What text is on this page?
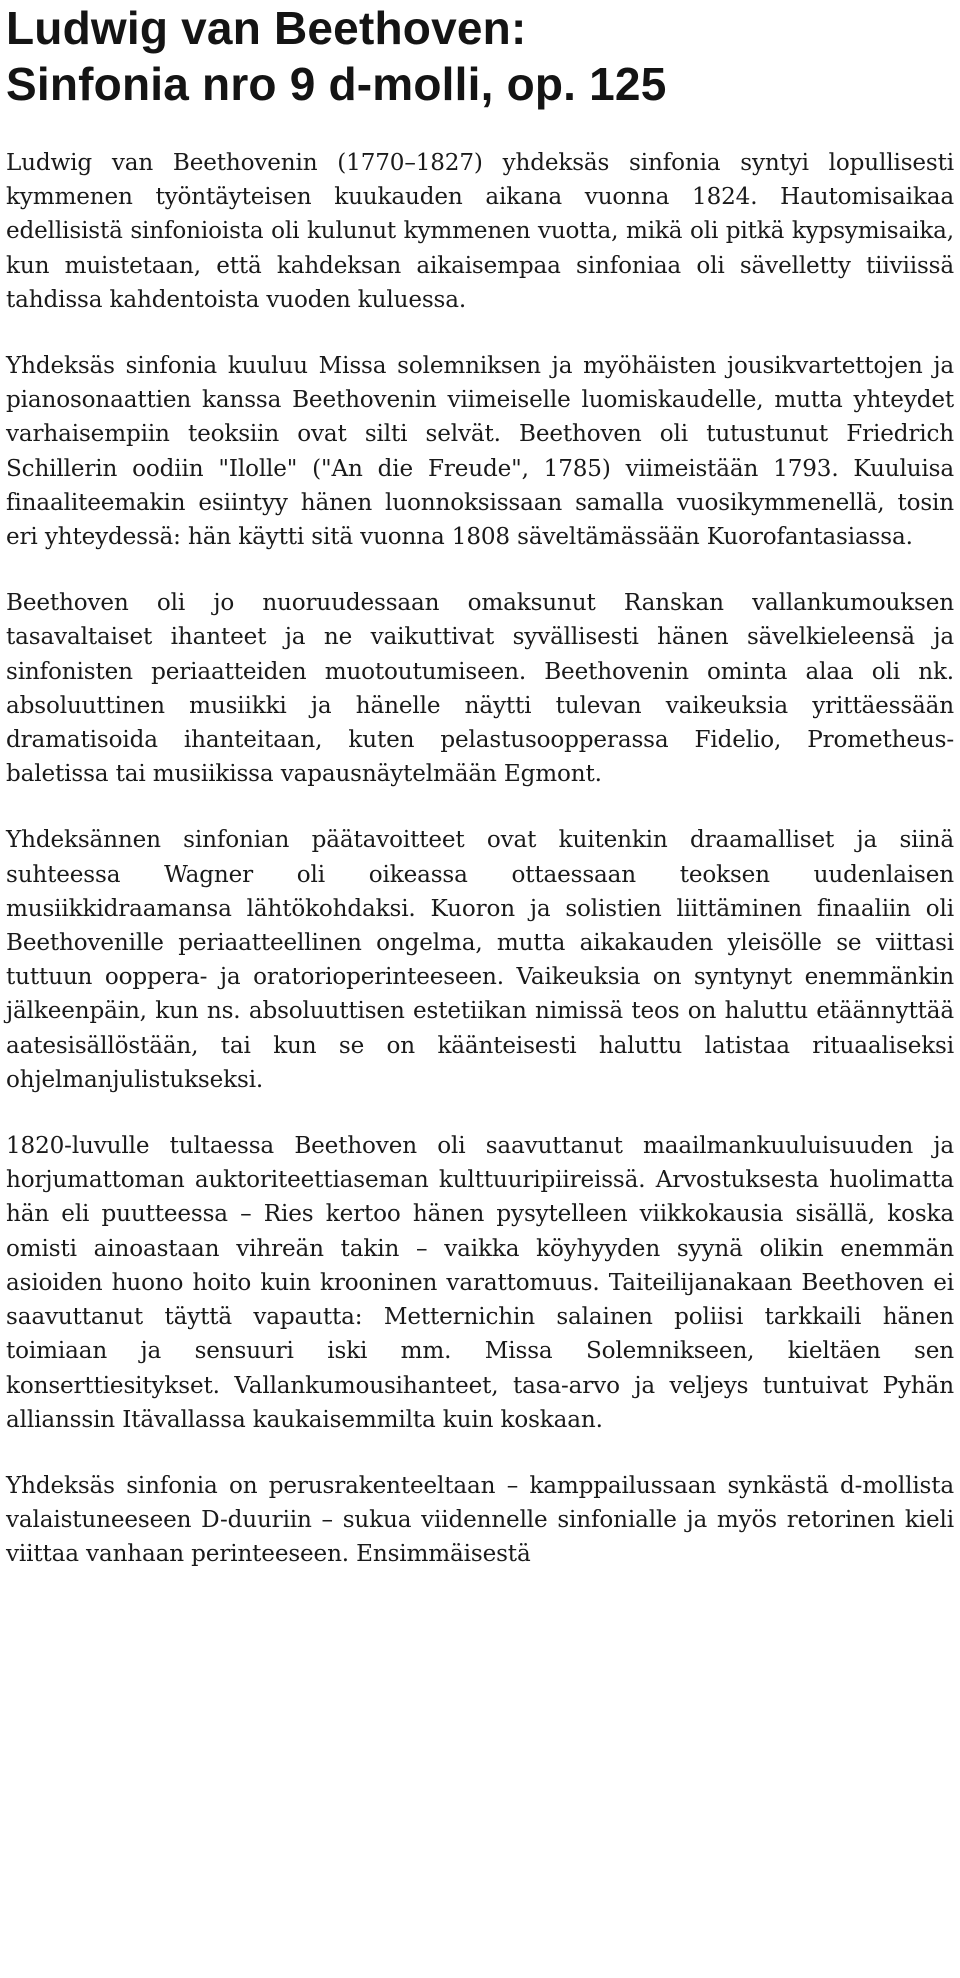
Ludwig van Beethoven:
Sinfonia nro 9 d-molli, op. 125

Ludwig van Beethovenin (1770–1827) yhdeksäs sinfonia syntyi lopullisesti kymmenen työntäyteisen kuukauden aikana vuonna 1824. Hautomisaikaa edellisistä sinfonioista oli kulunut kymmenen vuotta, mikä oli pitkä kypsymisaika, kun muistetaan, että kahdeksan aikaisempaa sinfoniaa oli sävelletty tiiviissä tahdissa kahdentoista vuoden kuluessa.

Yhdeksäs sinfonia kuuluu Missa solemniksen ja myöhäisten jousikvartettojen ja pianosonaattien kanssa Beethovenin viimeiselle luomiskaudelle, mutta yhteydet varhaisempiin teoksiin ovat silti selvät. Beethoven oli tutustunut Friedrich Schillerin oodiin "Ilolle" ("An die Freude", 1785) viimeistään 1793. Kuuluisa finaaliteemakin esiintyy hänen luonnoksissaan samalla vuosikymmenellä, tosin eri yhteydessä: hän käytti sitä vuonna 1808 säveltämässään Kuorofantasiassa.

Beethoven oli jo nuoruudessaan omaksunut Ranskan vallankumouksen tasavaltaiset ihanteet ja ne vaikuttivat syvällisesti hänen sävelkieleensä ja sinfonisten periaatteiden muotoutumiseen. Beethovenin ominta alaa oli nk. absoluuttinen musiikki ja hänelle näytti tulevan vaikeuksia yrittäessään dramatisoida ihanteitaan, kuten pelastusoopperassa Fidelio, Prometheus-baletissa tai musiikissa vapausnäytelmään Egmont.

Yhdeksännen sinfonian päätavoitteet ovat kuitenkin draamalliset ja siinä suhteessa Wagner oli oikeassa ottaessaan teoksen uudenlaisen musiikkidraamansa lähtökohdaksi. Kuoron ja solistien liittäminen finaaliin oli Beethovenille periaatteellinen ongelma, mutta aikakauden yleisölle se viittasi tuttuun ooppera- ja oratorioperinteeseen. Vaikeuksia on syntynyt enemmänkin jälkeenpäin, kun ns. absoluuttisen estetiikan nimissä teos on haluttu etäännyttää aatesisällöstään, tai kun se on käänteisesti haluttu latistaa rituaaliseksi ohjelmanjulistukseksi.

1820-luvulle tultaessa Beethoven oli saavuttanut maailmankuuluisuuden ja horjumattoman auktoriteettiaseman kulttuuripiireissä. Arvostuksesta huolimatta hän eli puutteessa – Ries kertoo hänen pysytelleen viikkokausia sisällä, koska omisti ainoastaan vihreän takin – vaikka köyhyyden syynä olikin enemmän asioiden huono hoito kuin krooninen varattomuus. Taiteilijanakaan Beethoven ei saavuttanut täyttä vapautta: Metternichin salainen poliisi tarkkaili hänen toimiaan ja sensuuri iski mm. Missa Solemnikseen, kieltäen sen konserttiesitykset. Vallankumousihanteet, tasa-arvo ja veljeys tuntuivat Pyhän allianssin Itävallassa kaukaisemmilta kuin koskaan.

Yhdeksäs sinfonia on perusrakenteeltaan – kamppailussaan synkästä d-mollista valaistuneeseen D-duuriin – sukua viidennelle sinfonialle ja myös retorinen kieli viittaa vanhaan perinteeseen. Ensimmäisestä
